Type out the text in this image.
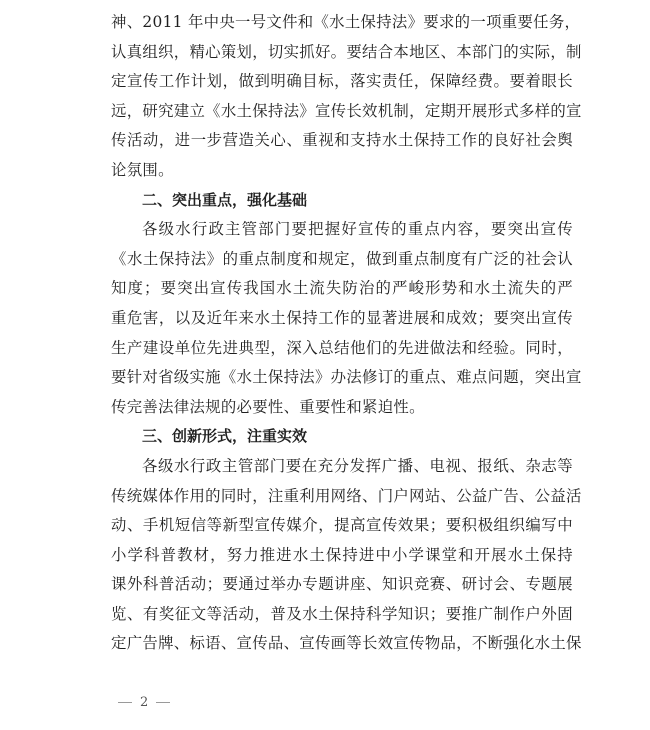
神、2011 年中央一号文件和《水土保持法》要求的一项重要任务，
认真组织，精心策划，切实抓好。要结合本地区、本部门的实际，制
定宣传工作计划，做到明确目标，落实责任，保障经费。要着眼长
远，研究建立《水土保持法》宣传长效机制，定期开展形式多样的宣
传活动，进一步营造关心、重视和支持水土保持工作的良好社会舆
论氛围。
二、突出重点，强化基础
各级水行政主管部门要把握好宣传的重点内容，要突出宣传
《水土保持法》的重点制度和规定，做到重点制度有广泛的社会认
知度；要突出宣传我国水土流失防治的严峻形势和水土流失的严
重危害，以及近年来水土保持工作的显著进展和成效；要突出宣传
生产建设单位先进典型，深入总结他们的先进做法和经验。同时，
要针对省级实施《水土保持法》办法修订的重点、难点问题，突出宣
传完善法律法规的必要性、重要性和紧迫性。
三、创新形式，注重实效
各级水行政主管部门要在充分发挥广播、电视、报纸、杂志等
传统媒体作用的同时，注重利用网络、门户网站、公益广告、公益活
动、手机短信等新型宣传媒介，提高宣传效果；要积极组织编写中
小学科普教材，努力推进水土保持进中小学课堂和开展水土保持
课外科普活动；要通过举办专题讲座、知识竞赛、研讨会、专题展
览、有奖征文等活动，普及水土保持科学知识；要推广制作户外固
定广告牌、标语、宣传品、宣传画等长效宣传物品，不断强化水土保
2
